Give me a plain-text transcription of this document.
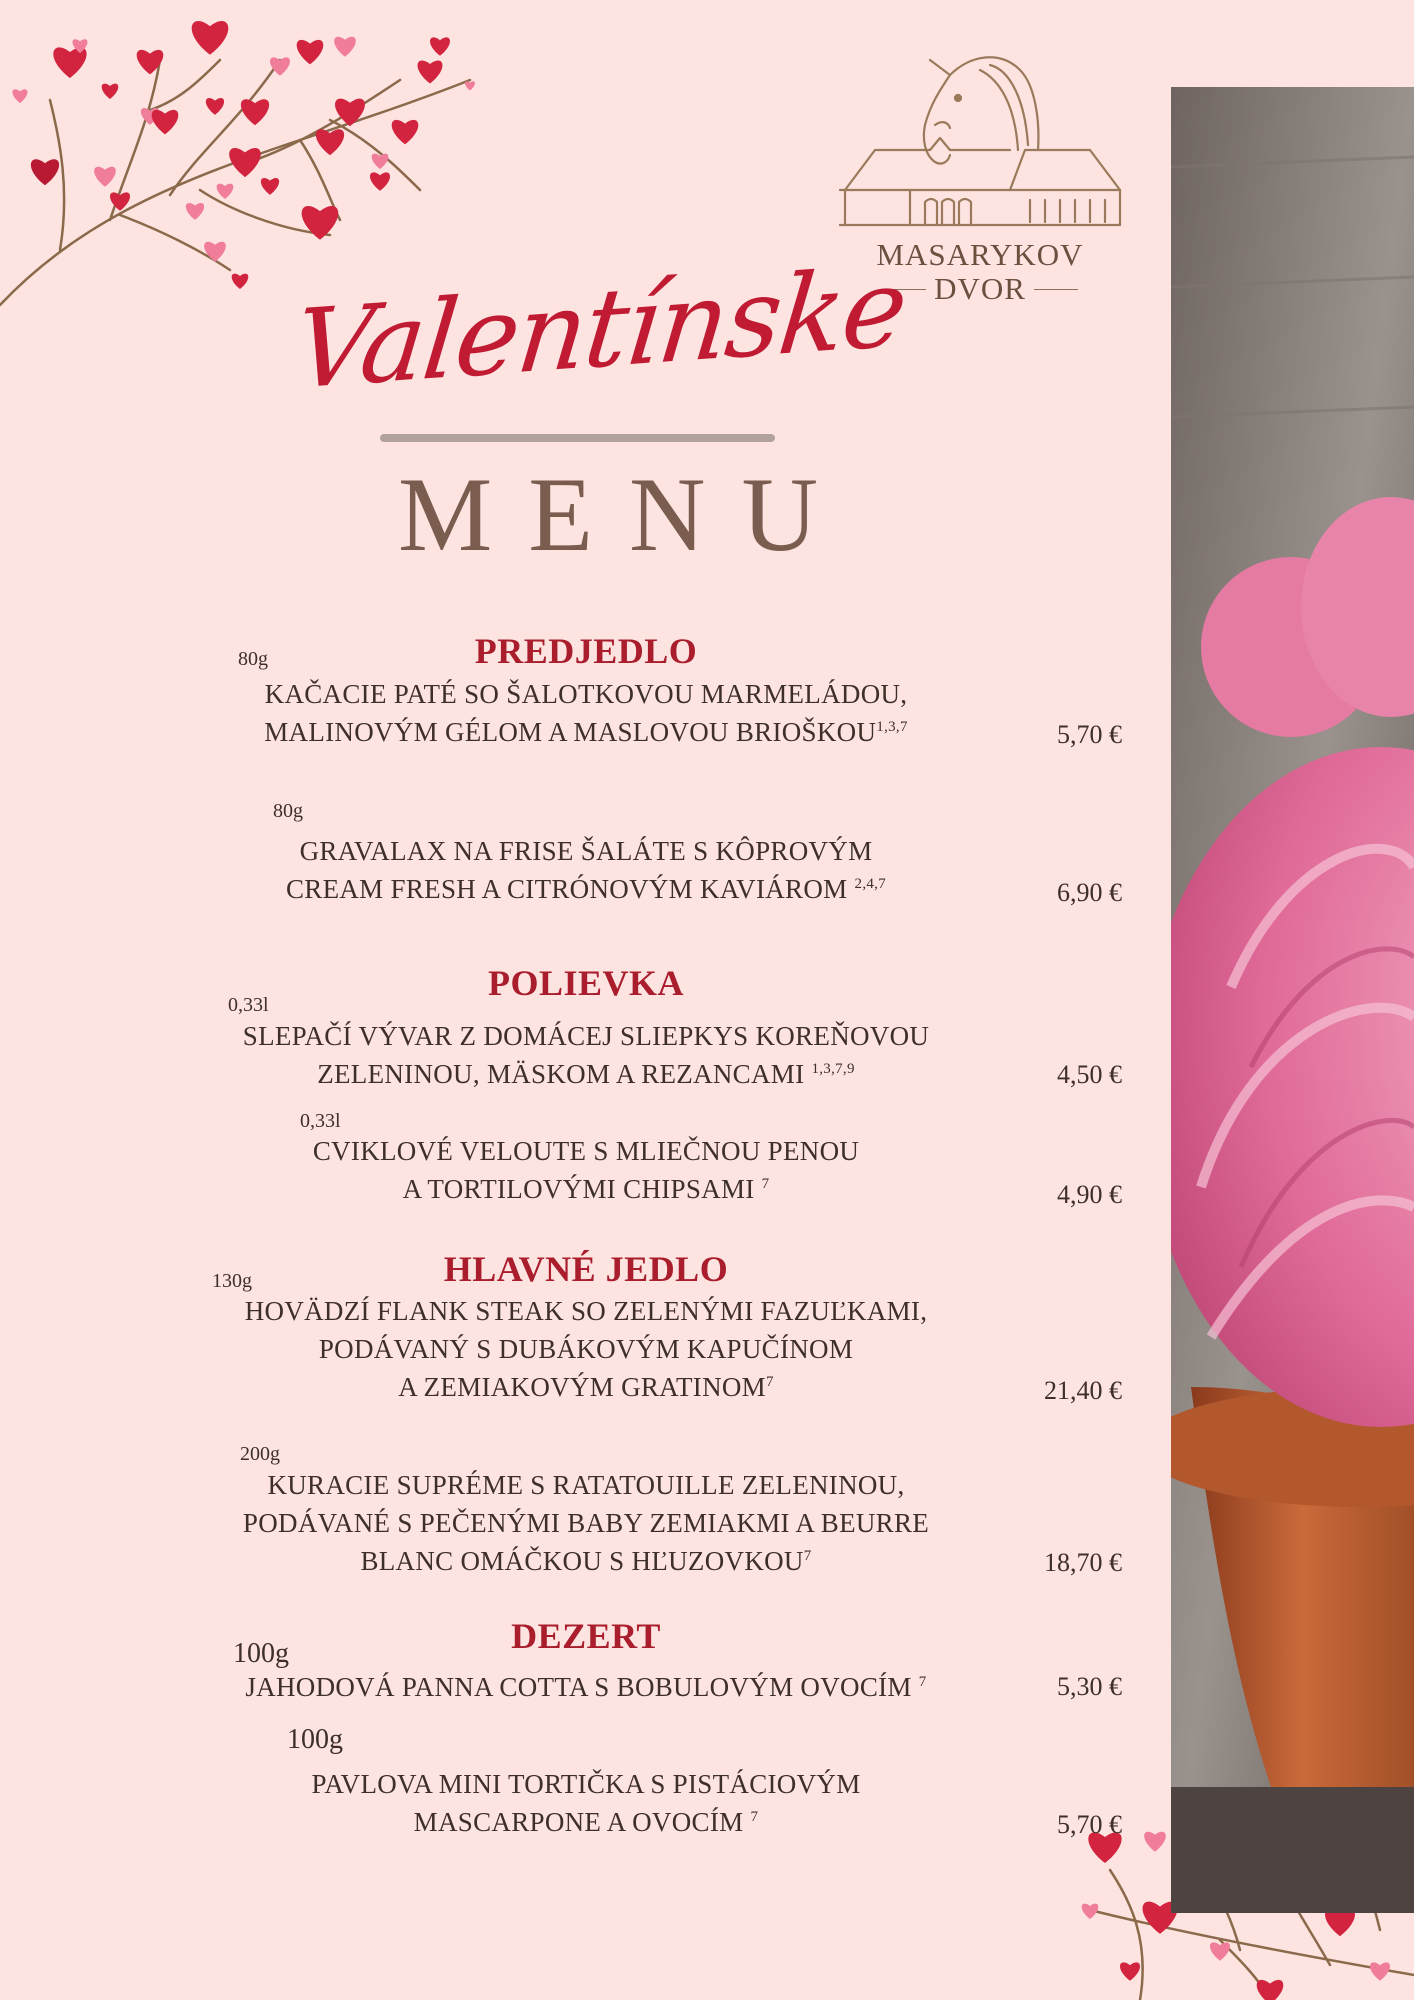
MASARYKOV
DVOR
Valentínske
MENU
PREDJEDLO
80g
KAČACIE PATÉ SO ŠALOTKOVOU MARMELÁDOU,
MALINOVÝM GÉLOM A MASLOVOU BRIOŠKOU$^{1,3,7}$	5,70 €
80g
GRAVALAX NA FRISE ŠALÁTE S KÔPROVÝM
CREAM FRESH A CITRÓNOVÝM KAVIÁROM $^{2,4,7}$	6,90 €
POLIEVKA
0,33l
SLEPAČÍ VÝVAR Z DOMÁCEJ SLIEPKYS KOREŇOVOU
ZELENINOU, MÄSKOM A REZANCAMI $^{1,3,7,9}$	4,50 €
0,33l
CVIKLOVÉ VELOUTE S MLIEČNOU PENOU
A TORTILOVÝMI CHIPSAMI $^7$	4,90 €
HLAVNÉ JEDLO
130g
HOVÄDZÍ FLANK STEAK SO ZELENÝMI FAZUĽKAMI,
PODÁVANÝ S DUBÁKOVÝM KAPUČÍNOM
A ZEMIAKOVÝM GRATINOM$^7$	21,40 €
200g
KURACIE SUPRÉME S RATATOUILLE ZELENINOU,
PODÁVANÉ S PEČENÝMI BABY ZEMIAKMI A BEURRE
BLANC OMÁČKOU S HĽUZOVKOU$^7$	18,70 €
DEZERT
100g
JAHODOVÁ PANNA COTTA S BOBULOVÝM OVOCÍM $^7$	5,30 €
100g
PAVLOVA MINI TORTIČKA S PISTÁCIOVÝM
MASCARPONE A OVOCÍM $^7$	5,70 €
